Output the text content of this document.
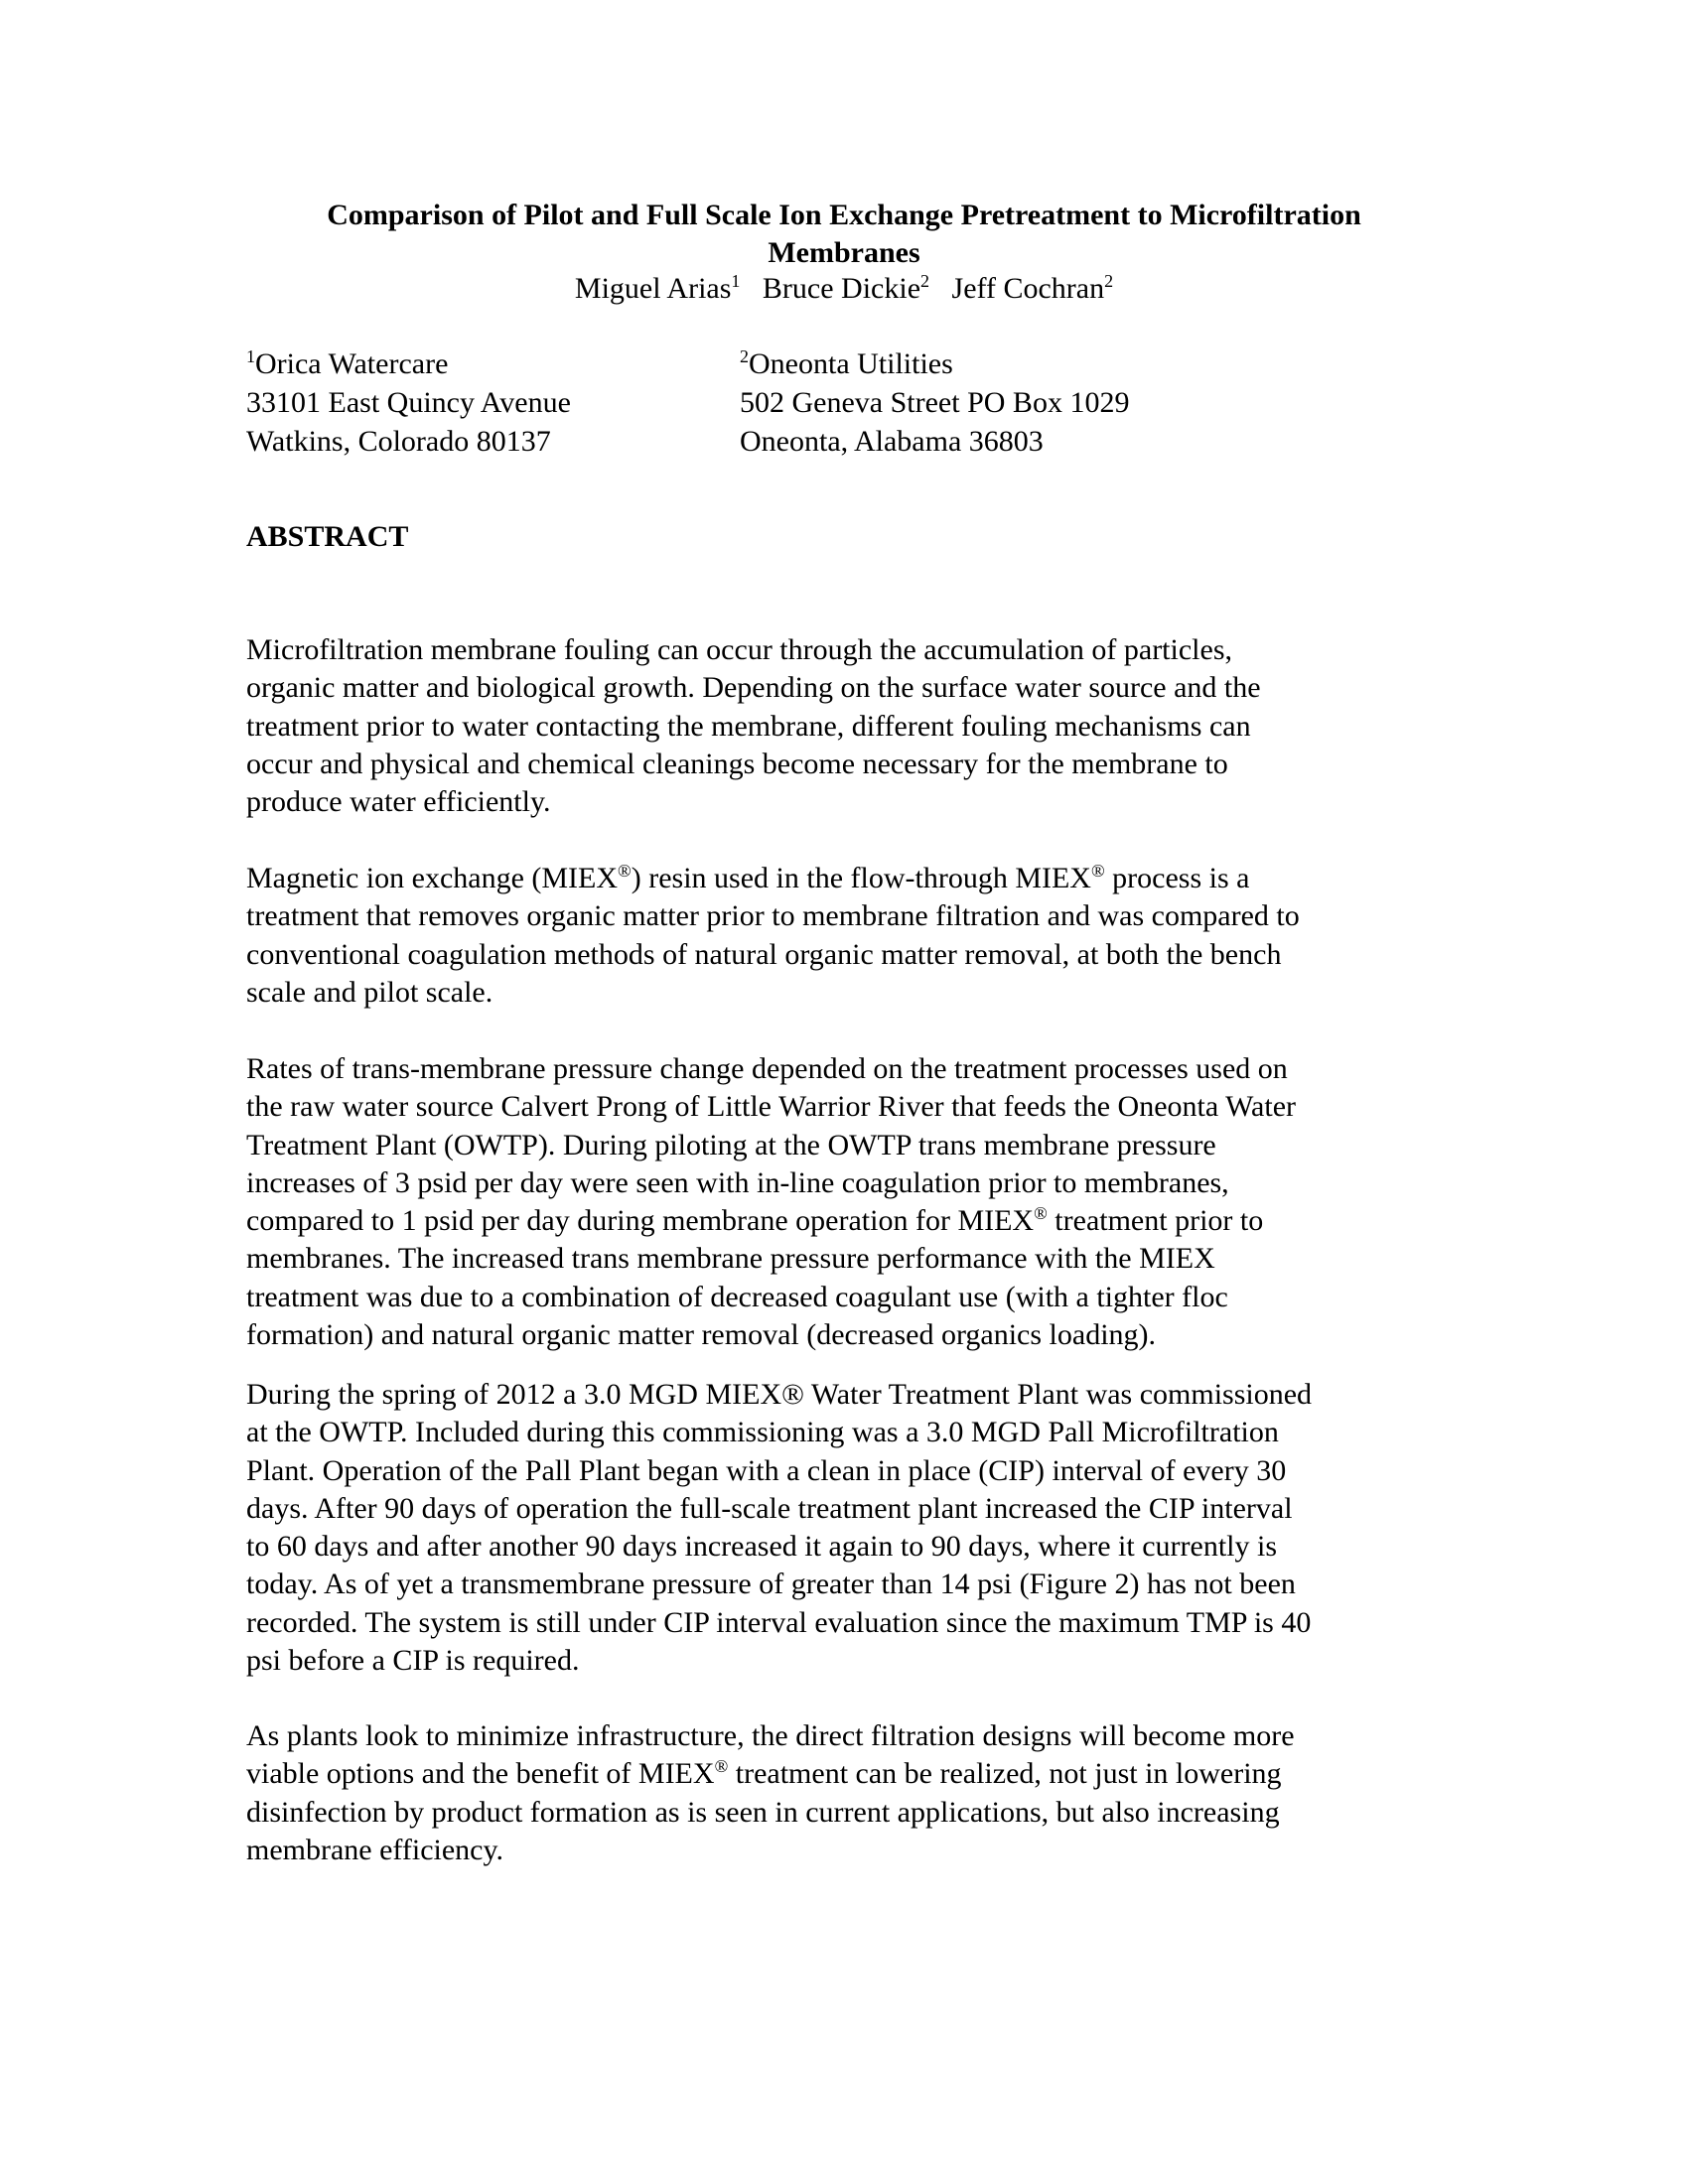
Comparison of Pilot and Full Scale Ion Exchange Pretreatment to Microfiltration
Membranes
Miguel Arias$^1$ Bruce Dickie$^2$ Jeff Cochran$^2$
$^1$Orica Watercare
33101 East Quincy Avenue
Watkins, Colorado 80137
$^2$Oneonta Utilities
502 Geneva Street PO Box 1029
Oneonta, Alabama 36803
ABSTRACT

Microfiltration membrane fouling can occur through the accumulation of particles,
organic matter and biological growth. Depending on the surface water source and the
treatment prior to water contacting the membrane, different fouling mechanisms can
occur and physical and chemical cleanings become necessary for the membrane to
produce water efficiently.

Magnetic ion exchange (MIEX®) resin used in the flow-through MIEX® process is a
treatment that removes organic matter prior to membrane filtration and was compared to
conventional coagulation methods of natural organic matter removal, at both the bench
scale and pilot scale.

Rates of trans-membrane pressure change depended on the treatment processes used on
the raw water source Calvert Prong of Little Warrior River that feeds the Oneonta Water
Treatment Plant (OWTP). During piloting at the OWTP trans membrane pressure
increases of 3 psid per day were seen with in-line coagulation prior to membranes,
compared to 1 psid per day during membrane operation for MIEX® treatment prior to
membranes. The increased trans membrane pressure performance with the MIEX
treatment was due to a combination of decreased coagulant use (with a tighter floc
formation) and natural organic matter removal (decreased organics loading).

During the spring of 2012 a 3.0 MGD MIEX® Water Treatment Plant was commissioned
at the OWTP. Included during this commissioning was a 3.0 MGD Pall Microfiltration
Plant. Operation of the Pall Plant began with a clean in place (CIP) interval of every 30
days. After 90 days of operation the full-scale treatment plant increased the CIP interval
to 60 days and after another 90 days increased it again to 90 days, where it currently is
today. As of yet a transmembrane pressure of greater than 14 psi (Figure 2) has not been
recorded. The system is still under CIP interval evaluation since the maximum TMP is 40
psi before a CIP is required.

As plants look to minimize infrastructure, the direct filtration designs will become more
viable options and the benefit of MIEX® treatment can be realized, not just in lowering
disinfection by product formation as is seen in current applications, but also increasing
membrane efficiency.
